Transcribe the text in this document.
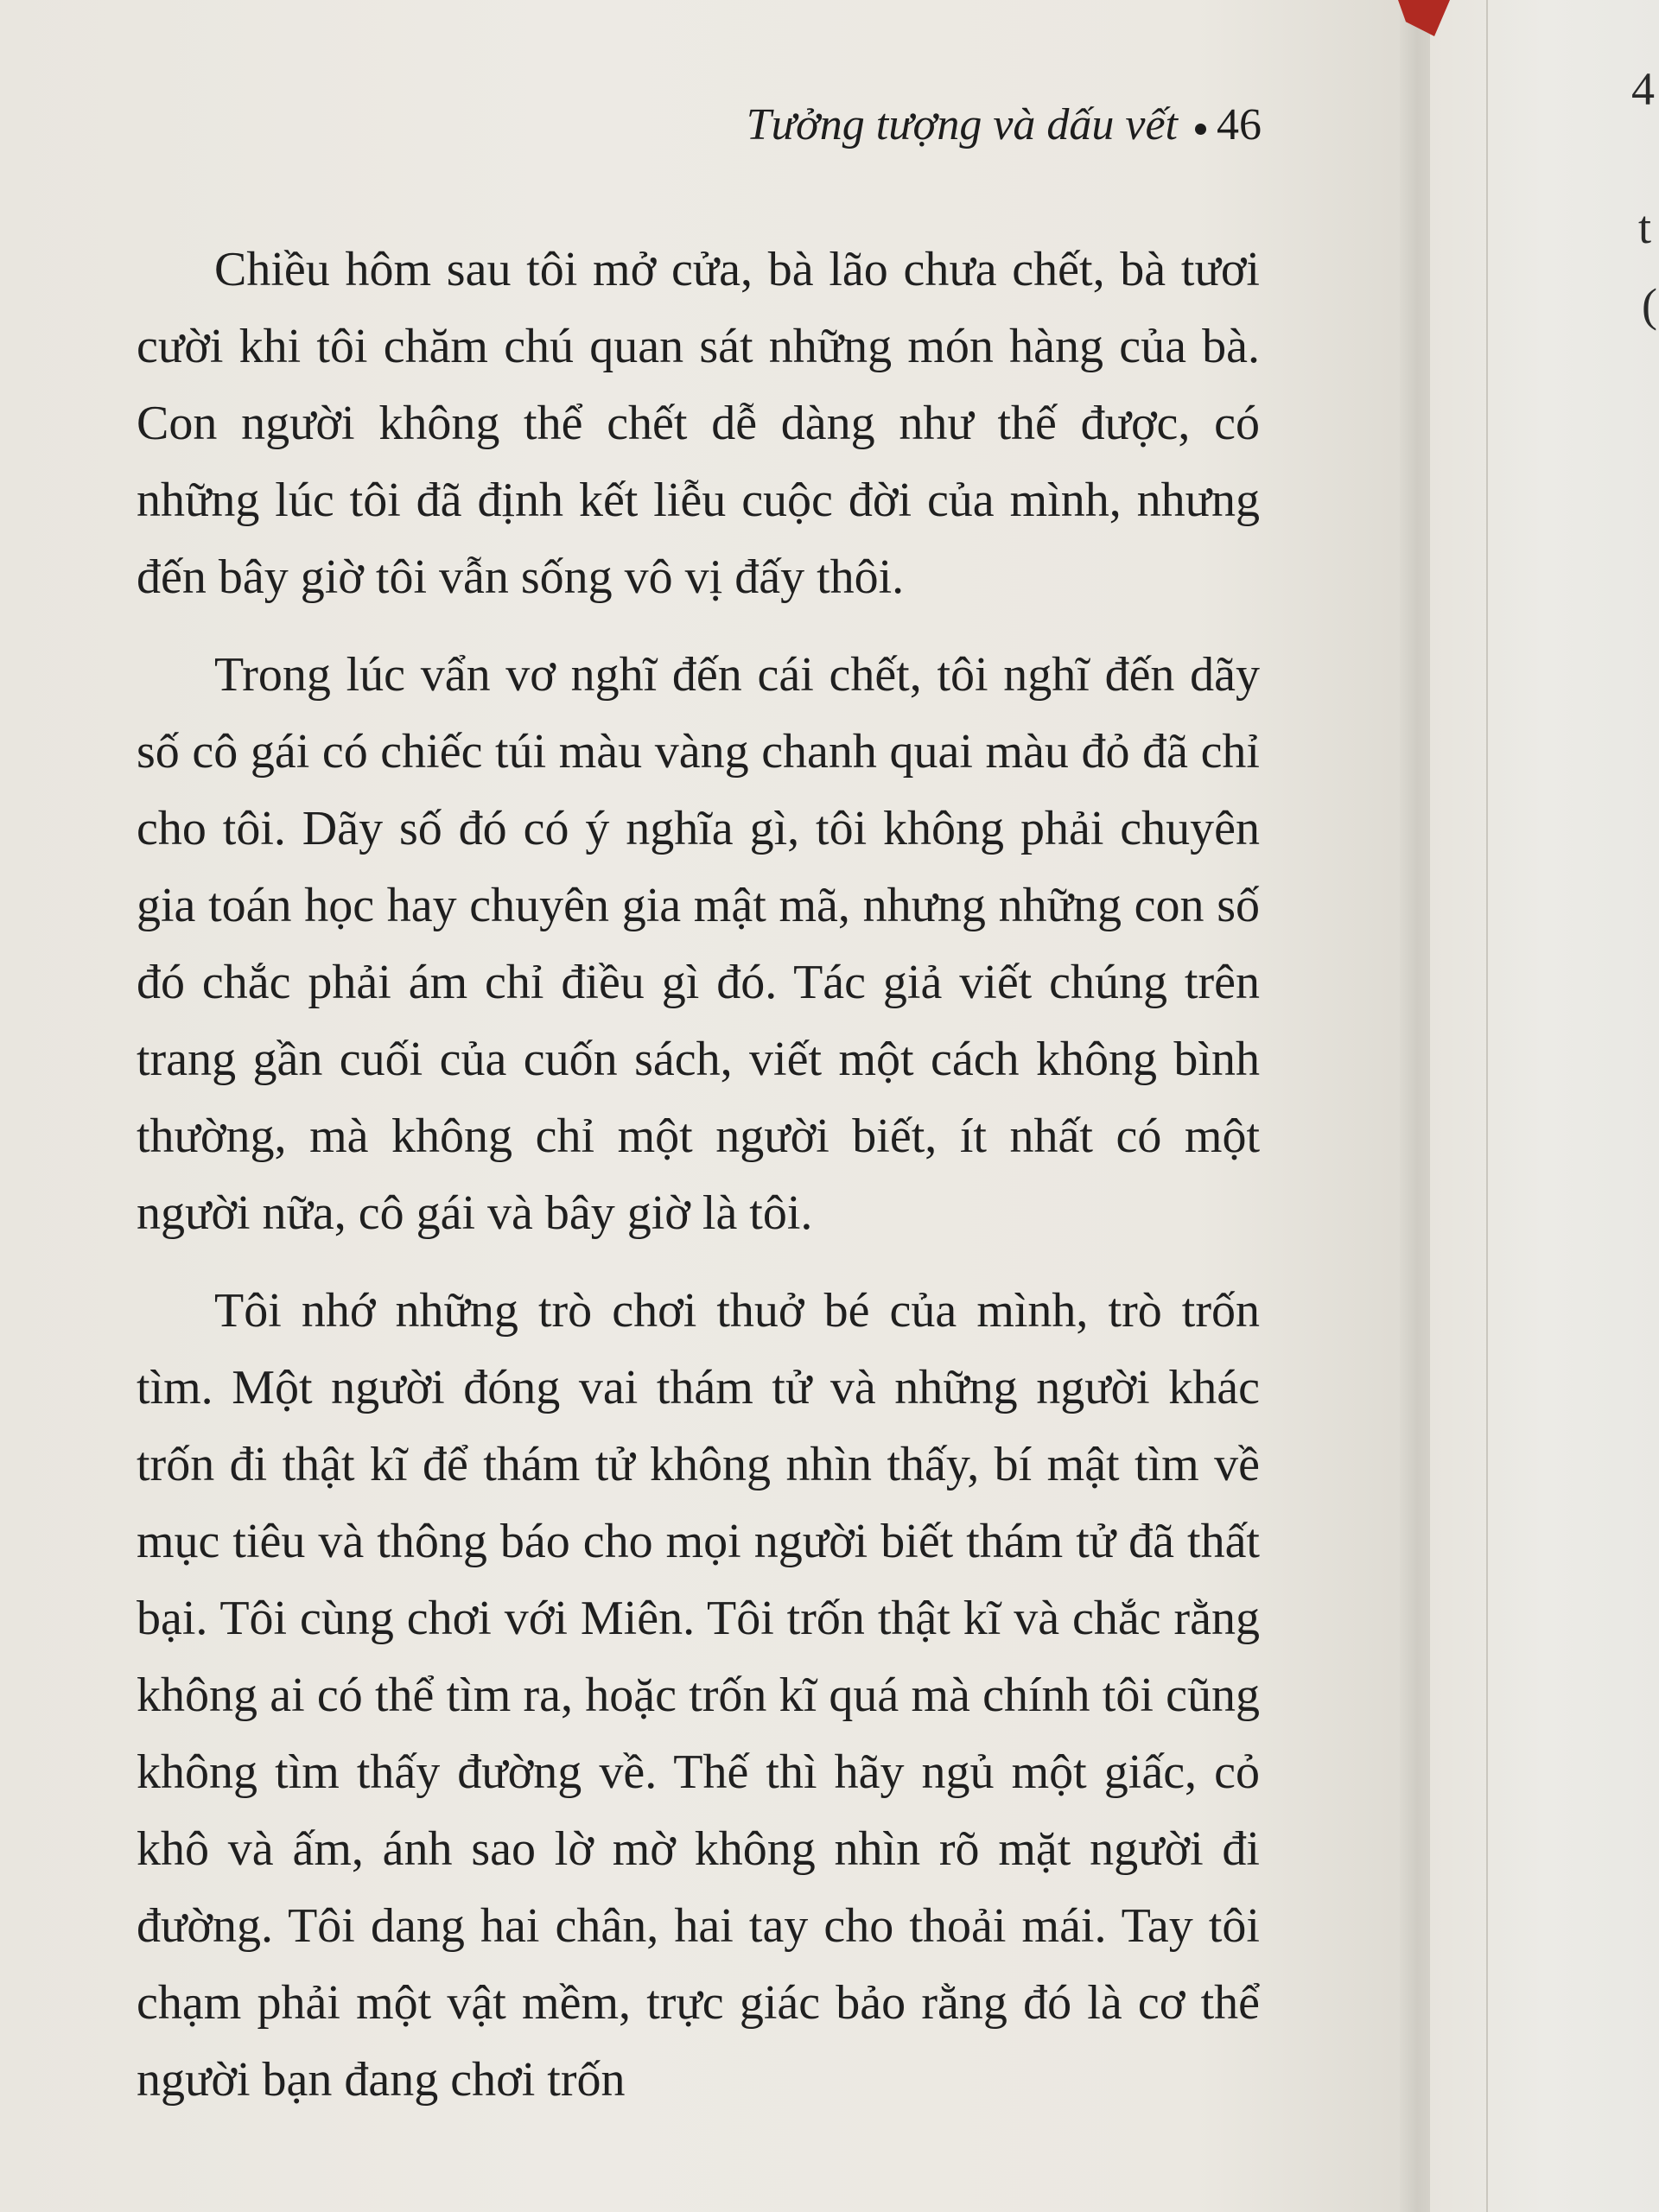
Tưởng tượng và dấu vết 46

Chiều hôm sau tôi mở cửa, bà lão chưa chết, bà tươi cười khi tôi chăm chú quan sát những món hàng của bà. Con người không thể chết dễ dàng như thế được, có những lúc tôi đã định kết liễu cuộc đời của mình, nhưng đến bây giờ tôi vẫn sống vô vị đấy thôi.

Trong lúc vẩn vơ nghĩ đến cái chết, tôi nghĩ đến dãy số cô gái có chiếc túi màu vàng chanh quai màu đỏ đã chỉ cho tôi. Dãy số đó có ý nghĩa gì, tôi không phải chuyên gia toán học hay chuyên gia mật mã, nhưng những con số đó chắc phải ám chỉ điều gì đó. Tác giả viết chúng trên trang gần cuối của cuốn sách, viết một cách không bình thường, mà không chỉ một người biết, ít nhất có một người nữa, cô gái và bây giờ là tôi.

Tôi nhớ những trò chơi thuở bé của mình, trò trốn tìm. Một người đóng vai thám tử và những người khác trốn đi thật kĩ để thám tử không nhìn thấy, bí mật tìm về mục tiêu và thông báo cho mọi người biết thám tử đã thất bại. Tôi cùng chơi với Miên. Tôi trốn thật kĩ và chắc rằng không ai có thể tìm ra, hoặc trốn kĩ quá mà chính tôi cũng không tìm thấy đường về. Thế thì hãy ngủ một giấc, cỏ khô và ấm, ánh sao lờ mờ không nhìn rõ mặt người đi đường. Tôi dang hai chân, hai tay cho thoải mái. Tay tôi chạm phải một vật mềm, trực giác bảo rằng đó là cơ thể người bạn đang chơi trốn

4
t
(
